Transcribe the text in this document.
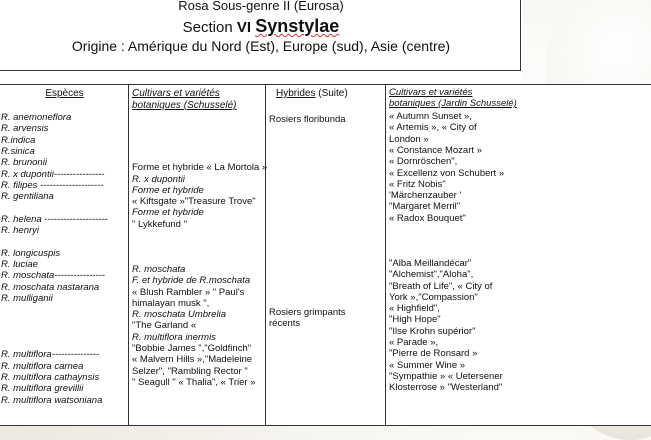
Rosa Sous-genre II (Eurosa)
Section VI Synstylae
Origine : Amérique du Nord (Est), Europe (sud), Asie (centre)
Espèces
R. anemoneflora
R. arvensis
R.indica
R.sinica
R. brunonii
R. x dupontii----------------
R. filipes --------------------
R. gentiliana
R. helena --------------------
R. henryi
R. longicuspis
R. luciae
R. moschata----------------
R. moschata nastarana
R. mulliganii
R. multiflora---------------
R. multiflora carnea
R. multiflora cathaynsis
R. multiflora grevillii
R. multiflora watsoniana
Cultivars et variétés
botaniques (Schusselé)
Forme et hybride « La Mortola »
R. x dupontii
Forme et hybride
« Kiftsgate »"Treasure Trove"
Forme et hybride
" Lykkefund "
R. moschata
F. et hybride de R.moschata
« Blush Rambler » " Paul's
himalayan musk ",
R. moschata Umbrelia
"The Garland «
R. multiflora inermis
"Bobbie James ","Goldfinch"
« Malvern Hills »,"Madeleine
Selzer", "Rambling Rector "
" Seagull " « Thalia", « Trier »
Hybrides (Suite)
Rosiers floribunda
Rosiers grimpants
récents
Cultivars et variétés
botaniques (Jardin Schusselé)
« Autumn Sunset »,
« Artemis », « City of
London »
« Constance Mozart »
« Dornröschen",
« Excellenz von Schubert »
« Fritz Nobis"
'Märchenzauber '
"Margaret Merril"
« Radox Bouquet"
"Alba Meillandécar"
"Alchemist","Aloha",
"Breath of Life", « City of
York »,"Compassion"
« Highfield",
"High Hope"
"Ilse Krohn supérior"
« Parade »,
"Pierre de Ronsard »
« Summer Wine »
"Sympathie » « Uetersener
Klosterrose » "Westerland"
